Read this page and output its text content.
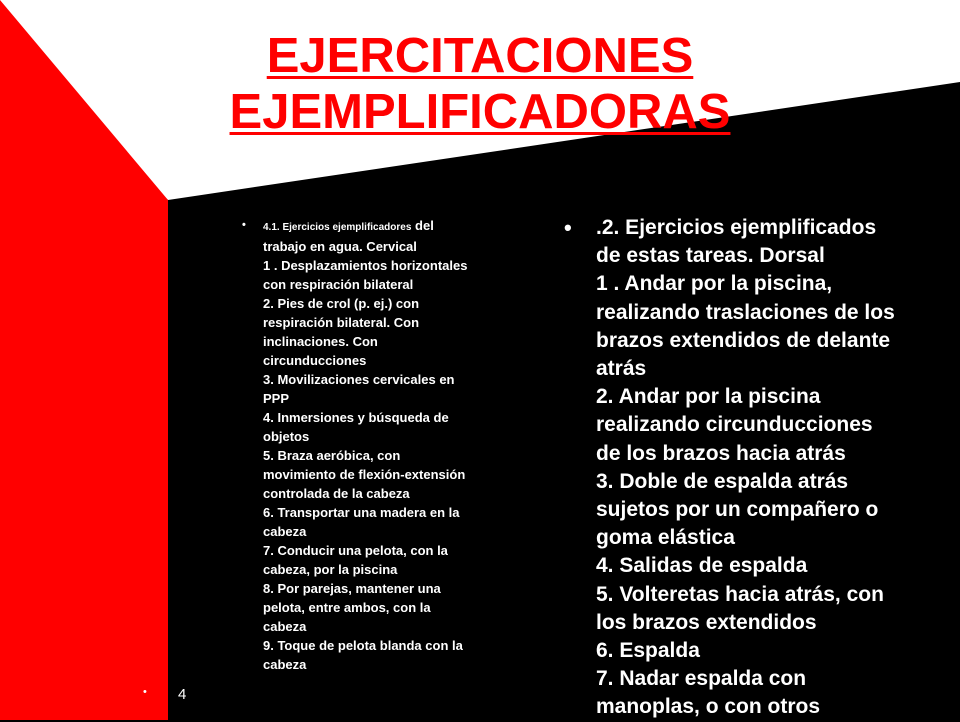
EJERCITACIONES
EJEMPLIFICADORAS
• 4.1. Ejercicios ejemplificadores del
trabajo en agua. Cervical
1 . Desplazamientos horizontales
con respiración bilateral
2. Pies de crol (p. ej.) con
respiración bilateral. Con
inclinaciones. Con
circunducciones
3. Movilizaciones cervicales en
PPP
4. Inmersiones y búsqueda de
objetos
5. Braza aeróbica, con
movimiento de flexión-extensión
controlada de la cabeza
6. Transportar una madera en la
cabeza
7. Conducir una pelota, con la
cabeza, por la piscina
8. Por parejas, mantener una
pelota, entre ambos, con la
cabeza
9. Toque de pelota blanda con la
cabeza
• .2. Ejercicios ejemplificados
de estas tareas. Dorsal
1 . Andar por la piscina,
realizando traslaciones de los
brazos extendidos de delante
atrás
2. Andar por la piscina
realizando circunducciones
de los brazos hacia atrás
3. Doble de espalda atrás
sujetos por un compañero o
goma elástica
4. Salidas de espalda
5. Volteretas hacia atrás, con
los brazos extendidos
6. Espalda
7. Nadar espalda con
manoplas, o con otros
• 4
